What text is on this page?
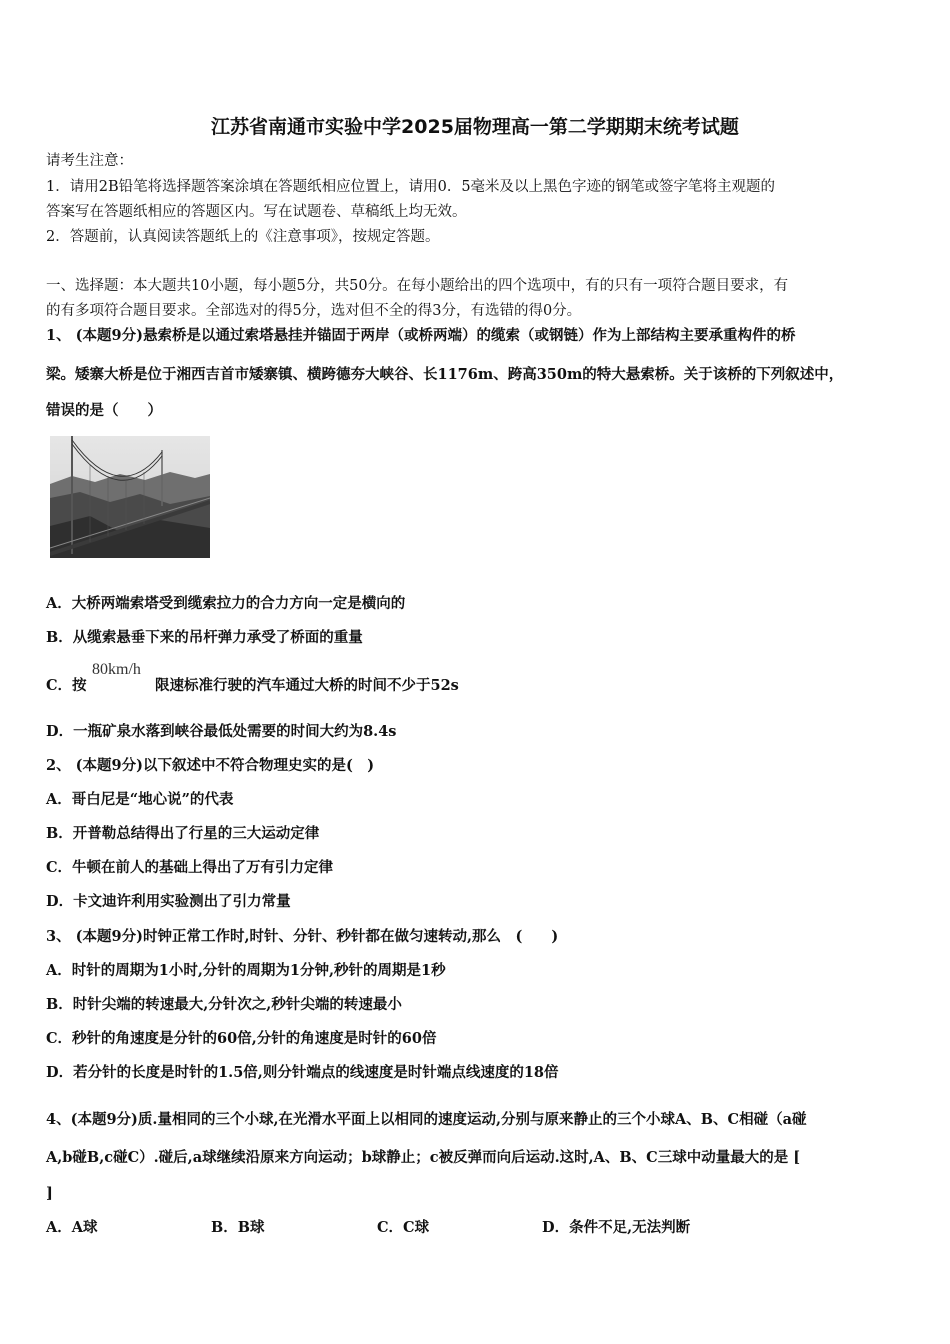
江苏省南通市实验中学2025届物理高一第二学期期末统考试题
请考生注意：
1．请用2B铅笔将选择题答案涂填在答题纸相应位置上，请用0．5毫米及以上黑色字迹的钢笔或签字笔将主观题的
答案写在答题纸相应的答题区内。写在试题卷、草稿纸上均无效。
2．答题前，认真阅读答题纸上的《注意事项》，按规定答题。
一、选择题：本大题共10小题，每小题5分，共50分。在每小题给出的四个选项中，有的只有一项符合题目要求，有
的有多项符合题目要求。全部选对的得5分，选对但不全的得3分，有选错的得0分。
1、 (本题9分)悬索桥是以通过索塔悬挂并锚固于两岸（或桥两端）的缆索（或钢链）作为上部结构主要承重构件的桥
梁。矮寨大桥是位于湘西吉首市矮寨镇、横跨德夯大峡谷、长1176m、跨高350m的特大悬索桥。关于该桥的下列叙述中，
错误的是（　　）
A．大桥两端索塔受到缆索拉力的合力方向一定是横向的
B．从缆索悬垂下来的吊杆弹力承受了桥面的重量
C．按
80km/h
限速标准行驶的汽车通过大桥的时间不少于52s
D．一瓶矿泉水落到峡谷最低处需要的时间大约为8.4s
2、 (本题9分)以下叙述中不符合物理史实的是(　)
A．哥白尼是“地心说”的代表
B．开普勒总结得出了行星的三大运动定律
C．牛顿在前人的基础上得出了万有引力定律
D．卡文迪许利用实验测出了引力常量
3、 (本题9分)时钟正常工作时,时针、分针、秒针都在做匀速转动,那么　(　　)
A．时针的周期为1小时,分针的周期为1分钟,秒针的周期是1秒
B．时针尖端的转速最大,分针次之,秒针尖端的转速最小
C．秒针的角速度是分针的60倍,分针的角速度是时针的60倍
D．若分针的长度是时针的1.5倍,则分针端点的线速度是时针端点线速度的18倍
4、(本题9分)质.量相同的三个小球,在光滑水平面上以相同的速度运动,分别与原来静止的三个小球A、B、C相碰（a碰
A,b碰B,c碰C）.碰后,a球继续沿原来方向运动；b球静止；c被反弹而向后运动.这时,A、B、C三球中动量最大的是 [
]
A．A球	B．B球	C．C球	D．条件不足,无法判断
